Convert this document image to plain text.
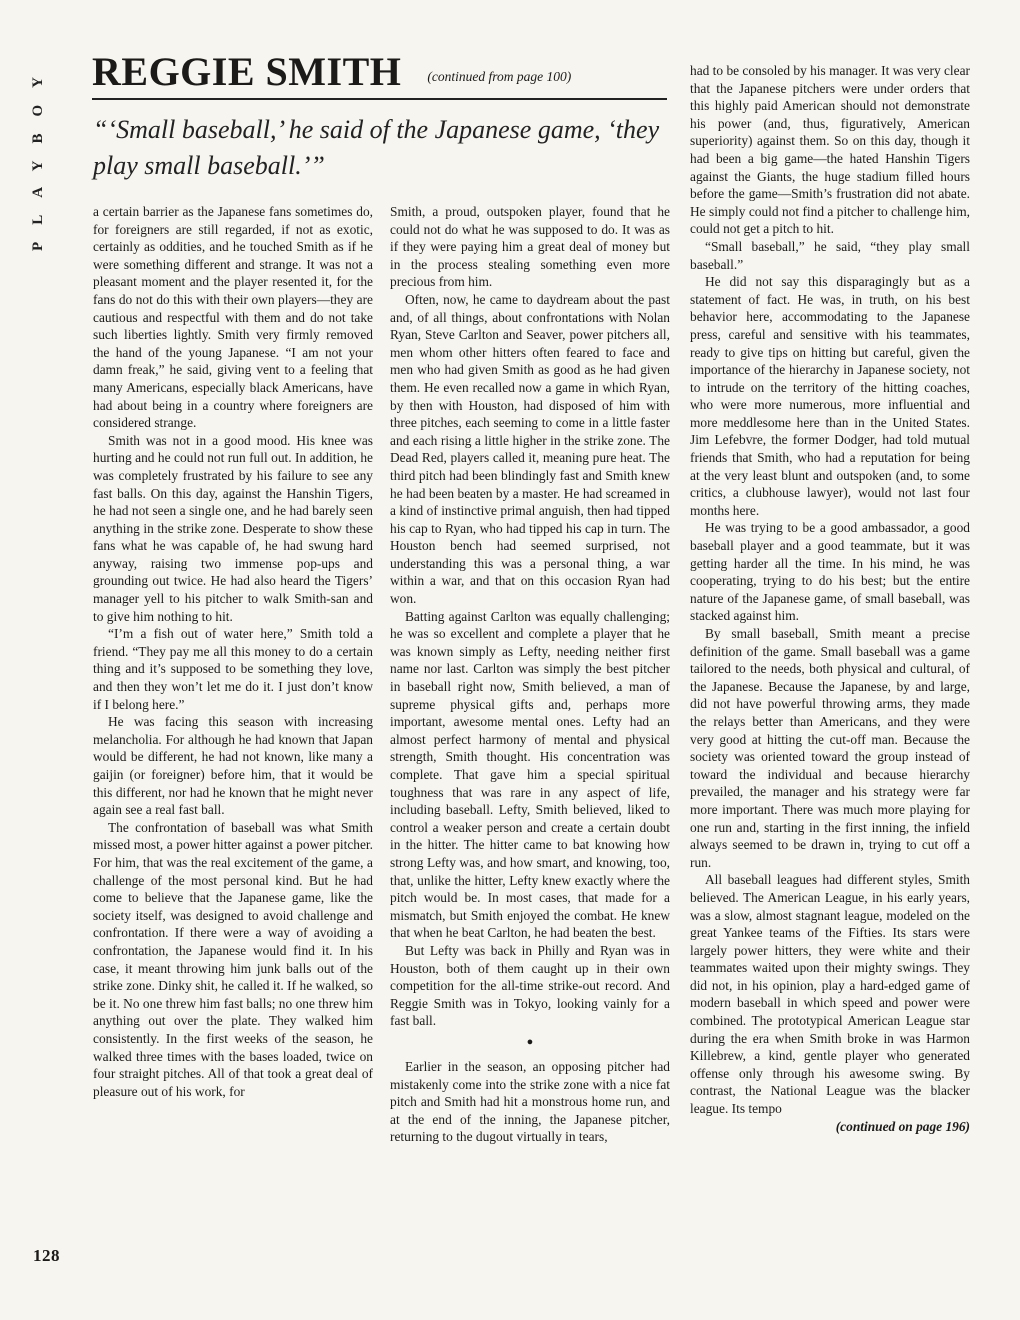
PLAYBOY
128
REGGIE SMITH (continued from page 100)
“‘Small baseball,’ he said of the Japanese game, ‘they play small baseball.’”

a certain barrier as the Japanese fans sometimes do, for foreigners are still regarded, if not as exotic, certainly as oddities, and he touched Smith as if he were something different and strange. It was not a pleasant moment and the player resented it, for the fans do not do this with their own players—they are cautious and respectful with them and do not take such liberties lightly. Smith very firmly removed the hand of the young Japanese. “I am not your damn freak,” he said, giving vent to a feeling that many Americans, especially black Americans, have had about being in a country where foreigners are considered strange.

Smith was not in a good mood. His knee was hurting and he could not run full out. In addition, he was completely frustrated by his failure to see any fast balls. On this day, against the Hanshin Tigers, he had not seen a single one, and he had barely seen anything in the strike zone. Desperate to show these fans what he was capable of, he had swung hard anyway, raising two immense pop-ups and grounding out twice. He had also heard the Tigers’ manager yell to his pitcher to walk Smith-san and to give him nothing to hit.

“I’m a fish out of water here,” Smith told a friend. “They pay me all this money to do a certain thing and it’s supposed to be something they love, and then they won’t let me do it. I just don’t know if I belong here.”

He was facing this season with increasing melancholia. For although he had known that Japan would be different, he had not known, like many a gaijin (or foreigner) before him, that it would be this different, nor had he known that he might never again see a real fast ball.

The confrontation of baseball was what Smith missed most, a power hitter against a power pitcher. For him, that was the real excitement of the game, a challenge of the most personal kind. But he had come to believe that the Japanese game, like the society itself, was designed to avoid challenge and confrontation. If there were a way of avoiding a confrontation, the Japanese would find it. In his case, it meant throwing him junk balls out of the strike zone. Dinky shit, he called it. If he walked, so be it. No one threw him fast balls; no one threw him anything out over the plate. They walked him consistently. In the first weeks of the season, he walked three times with the bases loaded, twice on four straight pitches. All of that took a great deal of pleasure out of his work, for

Smith, a proud, outspoken player, found that he could not do what he was supposed to do. It was as if they were paying him a great deal of money but in the process stealing something even more precious from him.

Often, now, he came to daydream about the past and, of all things, about confrontations with Nolan Ryan, Steve Carlton and Seaver, power pitchers all, men whom other hitters often feared to face and men who had given Smith as good as he had given them. He even recalled now a game in which Ryan, by then with Houston, had disposed of him with three pitches, each seeming to come in a little faster and each rising a little higher in the strike zone. The Dead Red, players called it, meaning pure heat. The third pitch had been blindingly fast and Smith knew he had been beaten by a master. He had screamed in a kind of instinctive primal anguish, then had tipped his cap to Ryan, who had tipped his cap in turn. The Houston bench had seemed surprised, not understanding this was a personal thing, a war within a war, and that on this occasion Ryan had won.

Batting against Carlton was equally challenging; he was so excellent and complete a player that he was known simply as Lefty, needing neither first name nor last. Carlton was simply the best pitcher in baseball right now, Smith believed, a man of supreme physical gifts and, perhaps more important, awesome mental ones. Lefty had an almost perfect harmony of mental and physical strength, Smith thought. His concentration was complete. That gave him a special spiritual toughness that was rare in any aspect of life, including baseball. Lefty, Smith believed, liked to control a weaker person and create a certain doubt in the hitter. The hitter came to bat knowing how strong Lefty was, and how smart, and knowing, too, that, unlike the hitter, Lefty knew exactly where the pitch would be. In most cases, that made for a mismatch, but Smith enjoyed the combat. He knew that when he beat Carlton, he had beaten the best.

But Lefty was back in Philly and Ryan was in Houston, both of them caught up in their own competition for the all-time strike-out record. And Reggie Smith was in Tokyo, looking vainly for a fast ball.

●

Earlier in the season, an opposing pitcher had mistakenly come into the strike zone with a nice fat pitch and Smith had hit a monstrous home run, and at the end of the inning, the Japanese pitcher, returning to the dugout virtually in tears,

had to be consoled by his manager. It was very clear that the Japanese pitchers were under orders that this highly paid American should not demonstrate his power (and, thus, figuratively, American superiority) against them. So on this day, though it had been a big game—the hated Hanshin Tigers against the Giants, the huge stadium filled hours before the game—Smith’s frustration did not abate. He simply could not find a pitcher to challenge him, could not get a pitch to hit.

“Small baseball,” he said, “they play small baseball.”

He did not say this disparagingly but as a statement of fact. He was, in truth, on his best behavior here, accommodating to the Japanese press, careful and sensitive with his teammates, ready to give tips on hitting but careful, given the importance of the hierarchy in Japanese society, not to intrude on the territory of the hitting coaches, who were more numerous, more influential and more meddlesome here than in the United States. Jim Lefebvre, the former Dodger, had told mutual friends that Smith, who had a reputation for being at the very least blunt and outspoken (and, to some critics, a clubhouse lawyer), would not last four months here.

He was trying to be a good ambassador, a good baseball player and a good teammate, but it was getting harder all the time. In his mind, he was cooperating, trying to do his best; but the entire nature of the Japanese game, of small baseball, was stacked against him.

By small baseball, Smith meant a precise definition of the game. Small baseball was a game tailored to the needs, both physical and cultural, of the Japanese. Because the Japanese, by and large, did not have powerful throwing arms, they made the relays better than Americans, and they were very good at hitting the cut-off man. Because the society was oriented toward the group instead of toward the individual and because hierarchy prevailed, the manager and his strategy were far more important. There was much more playing for one run and, starting in the first inning, the infield always seemed to be drawn in, trying to cut off a run.

All baseball leagues had different styles, Smith believed. The American League, in his early years, was a slow, almost stagnant league, modeled on the great Yankee teams of the Fifties. Its stars were largely power hitters, they were white and their teammates waited upon their mighty swings. They did not, in his opinion, play a hard-edged game of modern baseball in which speed and power were combined. The prototypical American League star during the era when Smith broke in was Harmon Killebrew, a kind, gentle player who generated offense only through his awesome swing. By contrast, the National League was the blacker league. Its tempo

(continued on page 196)
